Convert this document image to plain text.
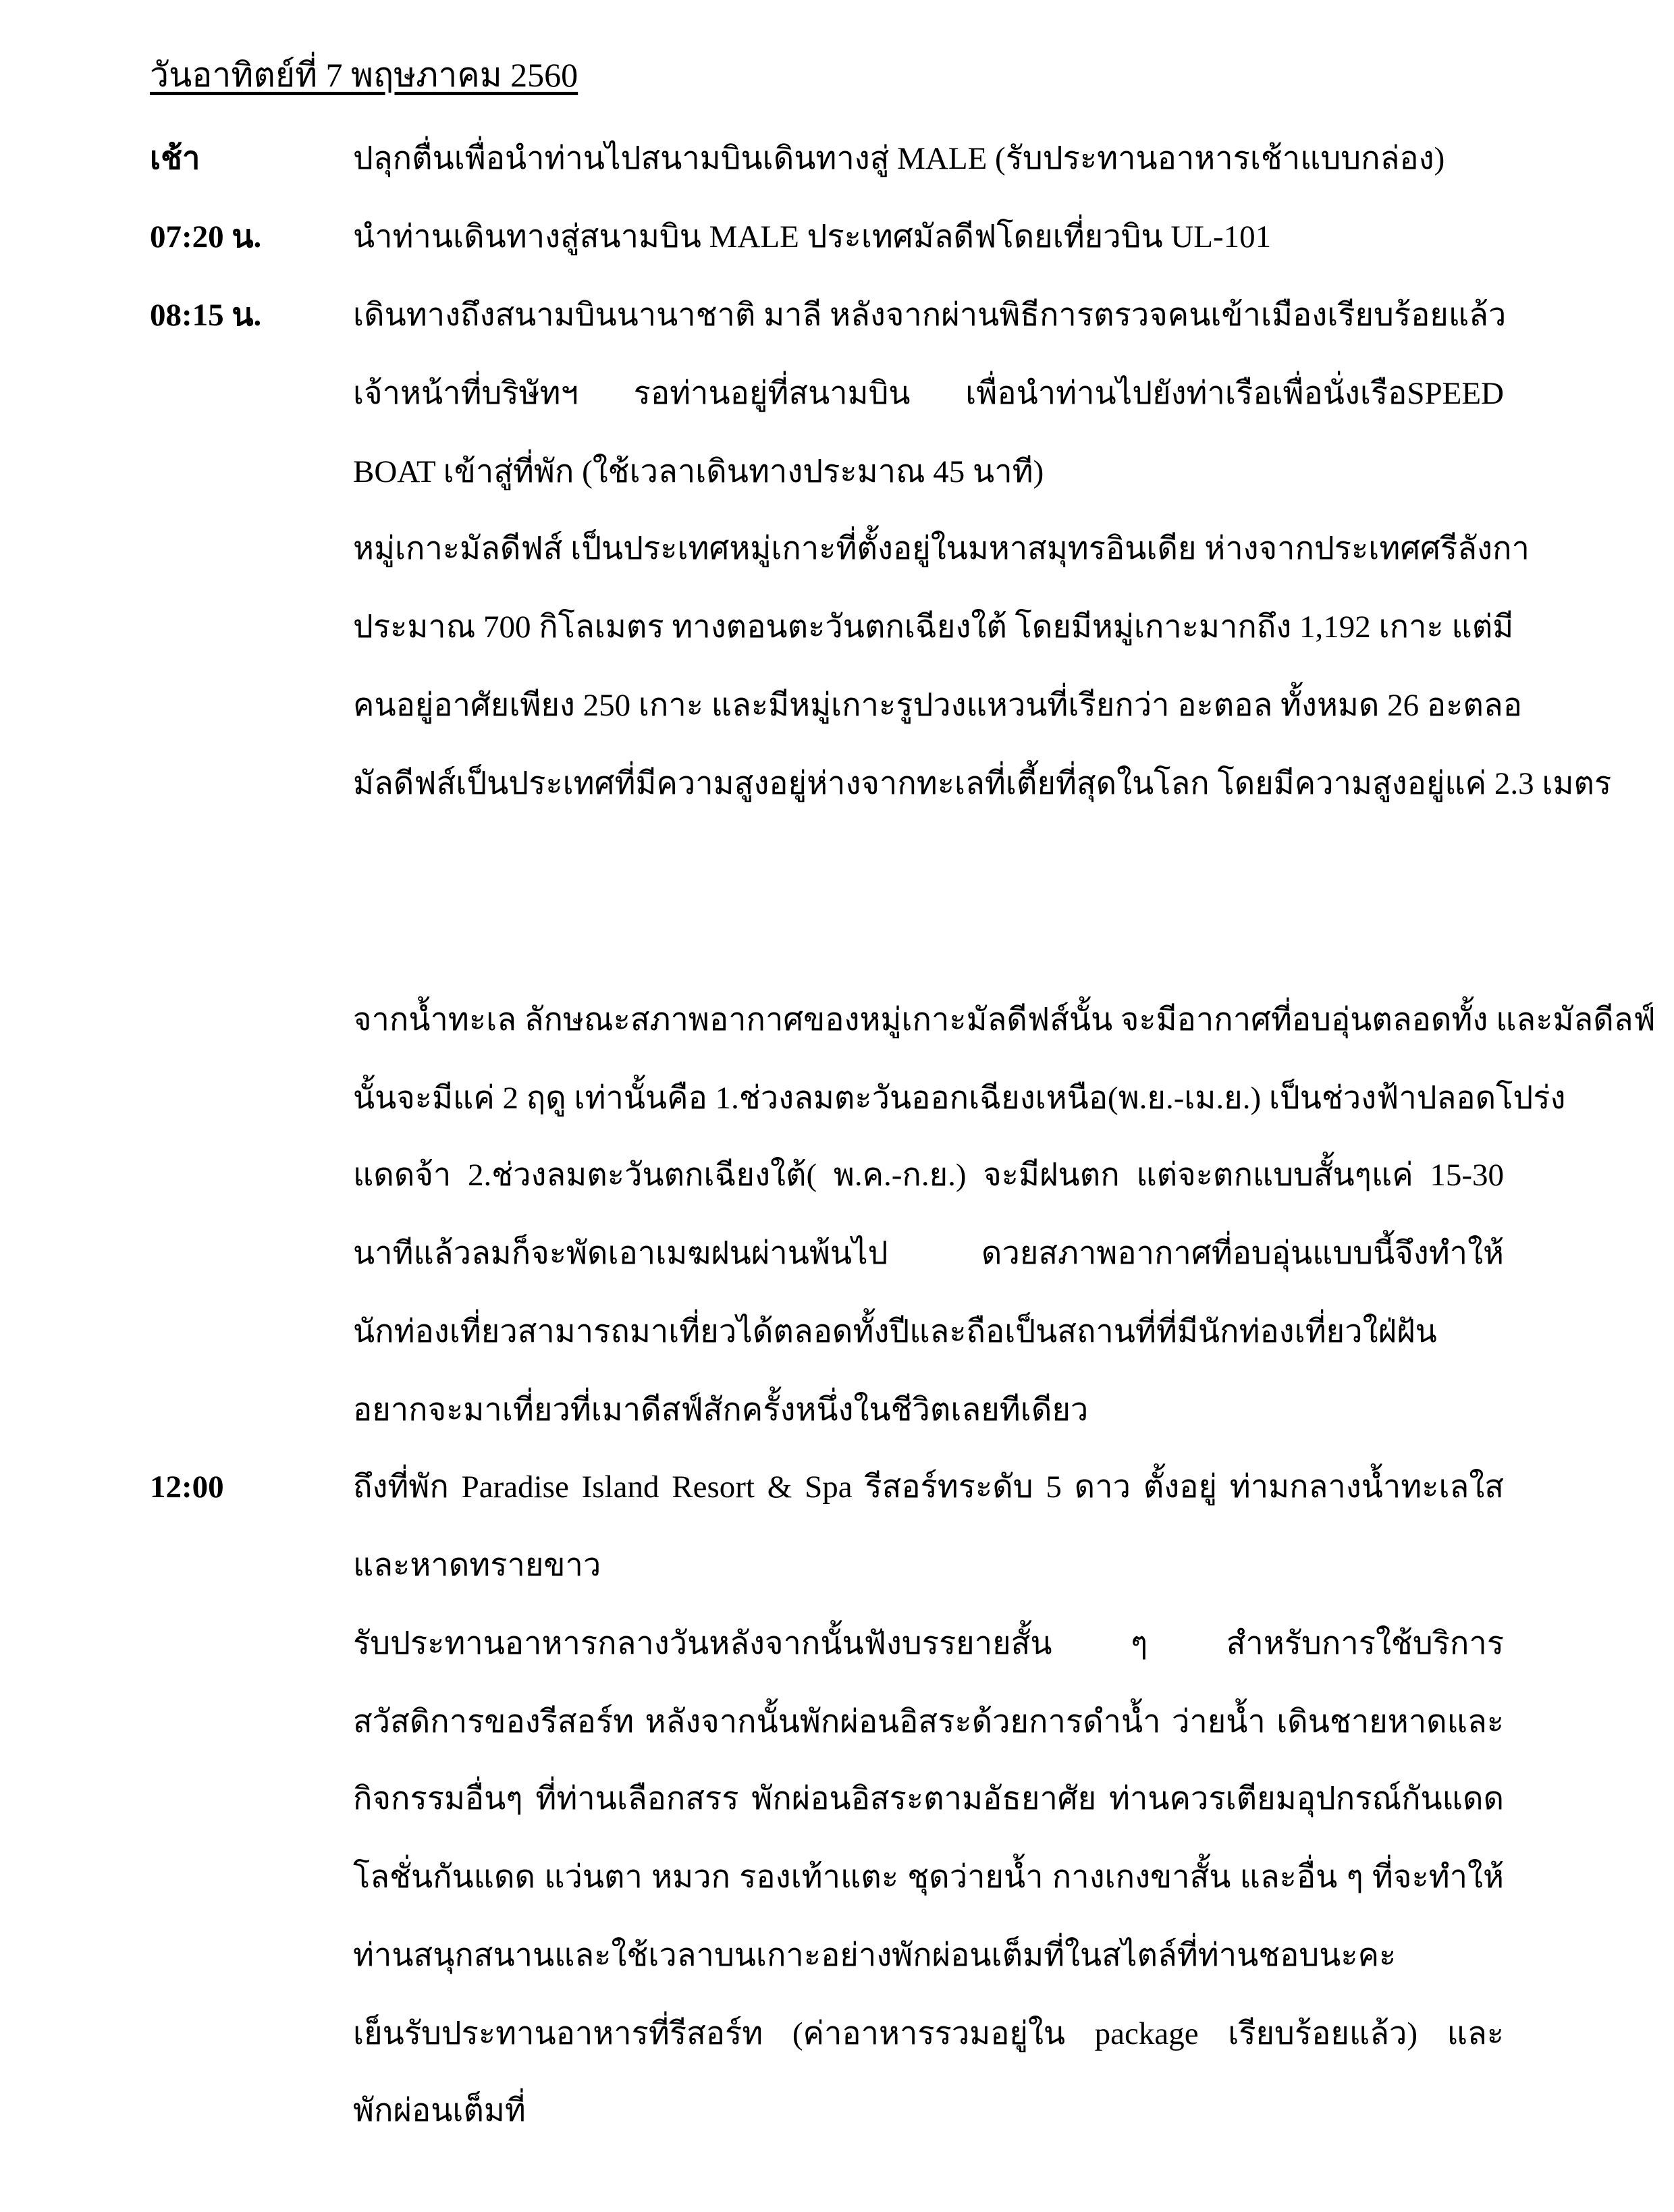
วันอาทิตย์ที่ 7 พฤษภาคม 2560
เช้า	ปลุกตื่นเพื่อนำท่านไปสนามบินเดินทางสู่ MALE (รับประทานอาหารเช้าแบบกล่อง)
07:20 น.	นำท่านเดินทางสู่สนามบิน MALE ประเทศมัลดีฟโดยเที่ยวบิน UL-101
08:15 น.	เดินทางถึงสนามบินนานาชาติ มาลี หลังจากผ่านพิธีการตรวจคนเข้าเมืองเรียบร้อยแล้ว
เจ้าหน้าที่บริษัทฯ รอท่านอยู่ที่สนามบิน เพื่อนำท่านไปยังท่าเรือเพื่อนั่งเรือSPEED
BOAT เข้าสู่ที่พัก (ใช้เวลาเดินทางประมาณ 45 นาที)
หมู่เกาะมัลดีฟส์ เป็นประเทศหมู่เกาะที่ตั้งอยู่ในมหาสมุทรอินเดีย ห่างจากประเทศศรีลังกา
ประมาณ 700 กิโลเมตร ทางตอนตะวันตกเฉียงใต้ โดยมีหมู่เกาะมากถึง 1,192 เกาะ แต่มี
คนอยู่อาศัยเพียง 250 เกาะ และมีหมู่เกาะรูปวงแหวนที่เรียกว่า อะตอล ทั้งหมด 26 อะตลอ
มัลดีฟส์เป็นประเทศที่มีความสูงอยู่ห่างจากทะเลที่เตี้ยที่สุดในโลก โดยมีความสูงอยู่แค่ 2.3 เมตร
จากน้ำทะเล ลักษณะสภาพอากาศของหมู่เกาะมัลดีฟส์นั้น จะมีอากาศที่อบอุ่นตลอดทั้ง และมัลดีลฟ์
นั้นจะมีแค่ 2 ฤดู เท่านั้นคือ 1.ช่วงลมตะวันออกเฉียงเหนือ(พ.ย.-เม.ย.) เป็นช่วงฟ้าปลอดโปร่ง
แดดจ้า 2.ช่วงลมตะวันตกเฉียงใต้( พ.ค.-ก.ย.) จะมีฝนตก แต่จะตกแบบสั้นๆแค่ 15-30
นาทีแล้วลมก็จะพัดเอาเมฆฝนผ่านพ้นไป ดวยสภาพอากาศที่อบอุ่นแบบนี้จึงทำให้
นักท่องเที่ยวสามารถมาเที่ยวได้ตลอดทั้งปีและถือเป็นสถานที่ที่มีนักท่องเที่ยวใฝ่ฝัน
อยากจะมาเที่ยวที่เมาดีสฟ์สักครั้งหนึ่งในชีวิตเลยทีเดียว
12:00	ถึงที่พัก Paradise Island Resort & Spa รีสอร์ทระดับ 5 ดาว ตั้งอยู่ ท่ามกลางน้ำทะเลใส
และหาดทรายขาว
รับประทานอาหารกลางวันหลังจากนั้นฟังบรรยายสั้น ๆ สำหรับการใช้บริการ
สวัสดิการของรีสอร์ท หลังจากนั้นพักผ่อนอิสระด้วยการดำน้ำ ว่ายน้ำ เดินชายหาดและ
กิจกรรมอื่นๆ ที่ท่านเลือกสรร พักผ่อนอิสระตามอัธยาศัย ท่านควรเตียมอุปกรณ์กันแดด
โลชั่นกันแดด แว่นตา หมวก รองเท้าแตะ ชุดว่ายน้ำ กางเกงขาสั้น และอื่น ๆ ที่จะทำให้
ท่านสนุกสนานและใช้เวลาบนเกาะอย่างพักผ่อนเต็มที่ในสไตล์ที่ท่านชอบนะคะ
เย็นรับประทานอาหารที่รีสอร์ท (ค่าอาหารรวมอยู่ใน package เรียบร้อยแล้ว) และ
พักผ่อนเต็มที่
